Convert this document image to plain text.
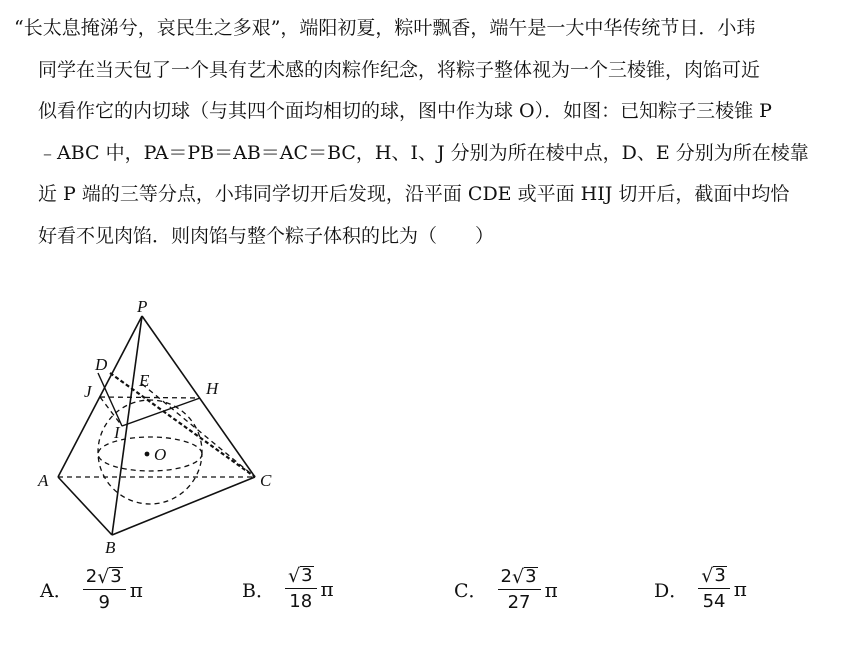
“长太息掩涕兮，哀民生之多艰”，端阳初夏，粽叶飘香，端午是一大中华传统节日．小玮
同学在当天包了一个具有艺术感的肉粽作纪念，将粽子整体视为一个三棱锥，肉馅可近
似看作它的内切球（与其四个面均相切的球，图中作为球 O）．如图：已知粽子三棱锥 P
﹣ABC 中，PA＝PB＝AB＝AC＝BC，H、I、J 分别为所在棱中点，D、E 分别为所在棱靠
近 P 端的三等分点，小玮同学切开后发现，沿平面 CDE 或平面 HIJ 切开后，截面中均恰
好看不见肉馅．则肉馅与整个粽子体积的比为（　　）
P
D
E
J	H
I
O
A
B
C
A． $\frac{2 √ 3}{9}$ π	B． $\frac{√ 3}{18}$ π	C． $\frac{2 √ 3}{27}$ π	D． $\frac{√ 3}{54}$ π
